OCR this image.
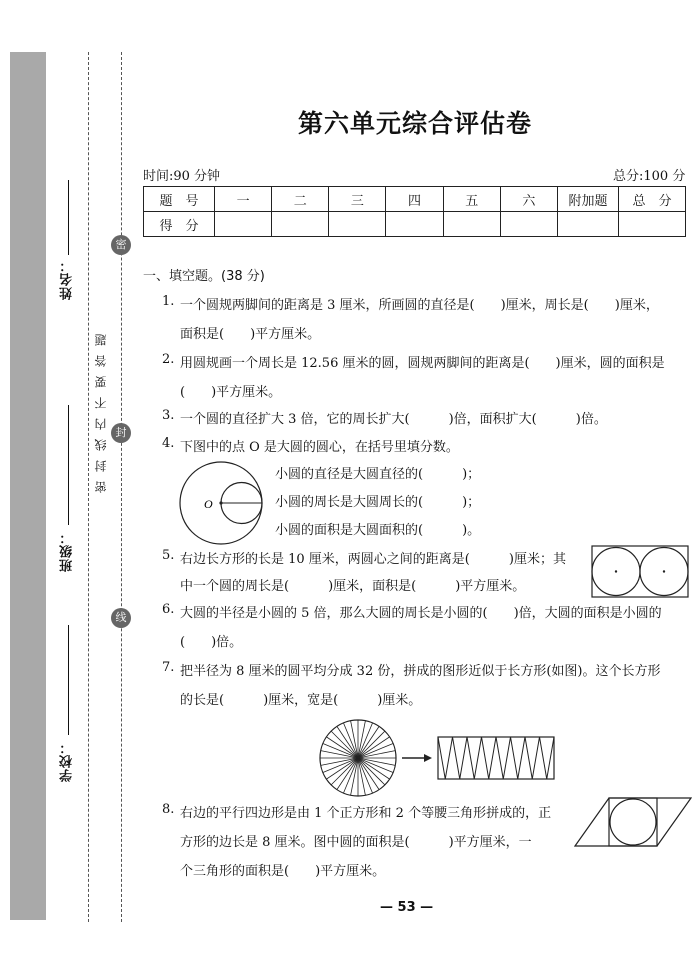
姓名：
班级：
学校：
密封线内不要答题
密
封
线
第六单元综合评估卷
时间:90 分钟	总分:100 分
题　号	一	二	三	四	五	六	附加题	总　分
得　分								
一、填空题。(38 分)
1. 一个圆规两脚间的距离是 3 厘米，所画圆的直径是(　　)厘米，周长是(　　)厘米，
面积是(　　)平方厘米。
2. 用圆规画一个周长是 12.56 厘米的圆，圆规两脚间的距离是(　　)厘米，圆的面积是
(　　)平方厘米。
3. 一个圆的直径扩大 3 倍，它的周长扩大(　　　)倍，面积扩大(　　　)倍。
4. 下图中的点 O 是大圆的圆心，在括号里填分数。
O
小圆的直径是大圆直径的(　　　)；
小圆的周长是大圆周长的(　　　)；
小圆的面积是大圆面积的(　　　)。
5. 右边长方形的长是 10 厘米，两圆心之间的距离是(　　　)厘米；其
中一个圆的周长是(　　　)厘米，面积是(　　　)平方厘米。
6. 大圆的半径是小圆的 5 倍，那么大圆的周长是小圆的(　　)倍，大圆的面积是小圆的
(　　)倍。
7. 把半径为 8 厘米的圆平均分成 32 份，拼成的图形近似于长方形(如图)。这个长方形
的长是(　　　)厘米，宽是(　　　)厘米。
8. 右边的平行四边形是由 1 个正方形和 2 个等腰三角形拼成的，正
方形的边长是 8 厘米。图中圆的面积是(　　　)平方厘米，一
个三角形的面积是(　　)平方厘米。
— 53 —
